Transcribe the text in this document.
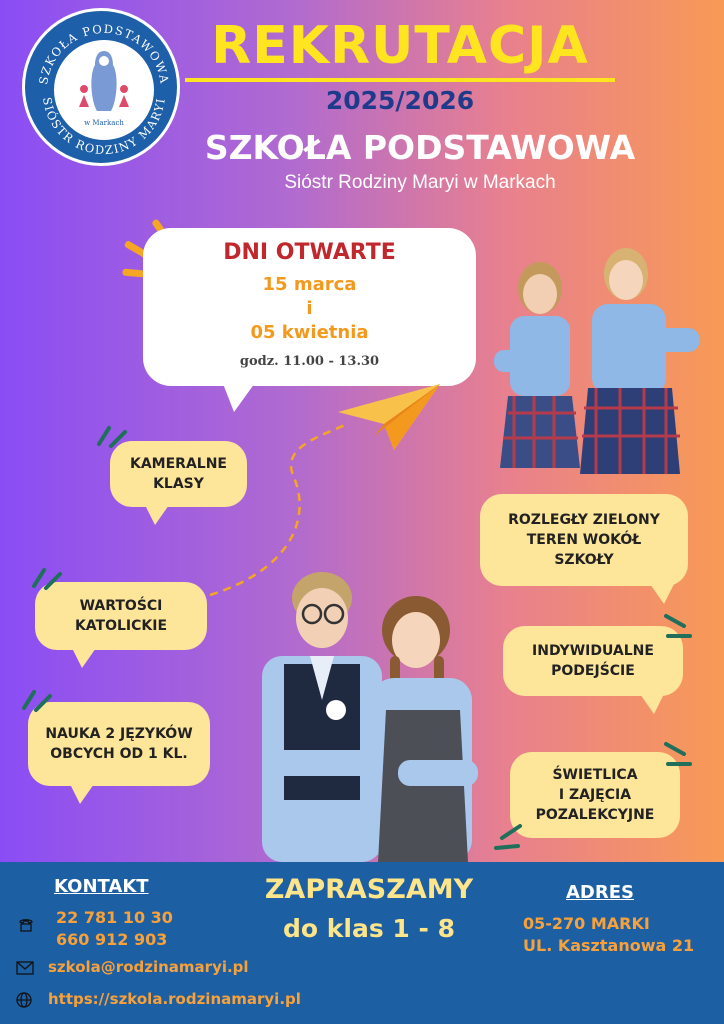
SZKOŁA PODSTAWOWA
SIÓSTR RODZINY MARYI
w Markach
REKRUTACJA
2025/2026
SZKOŁA PODSTAWOWA
Sióstr Rodziny Maryi w Markach
DNI OTWARTE
15 marca
i
05 kwietnia
godz. 11.00 - 13.30
KAMERALNE
KLASY
WARTOŚCI
KATOLICKIE
NAUKA 2 JĘZYKÓW
OBCYCH OD 1 KL.
ROZLEGŁY ZIELONY
TEREN WOKÓŁ
SZKOŁY
INDYWIDUALNE
PODEJŚCIE
ŚWIETLICA
I ZAJĘCIA
POZALEKCYJNE
KONTAKT
22 781 10 30
660 912 903
szkola@rodzinamaryi.pl
https://szkola.rodzinamaryi.pl
ZAPRASZAMY
do klas 1 - 8
ADRES
05-270 MARKI
UL. Kasztanowa 21
